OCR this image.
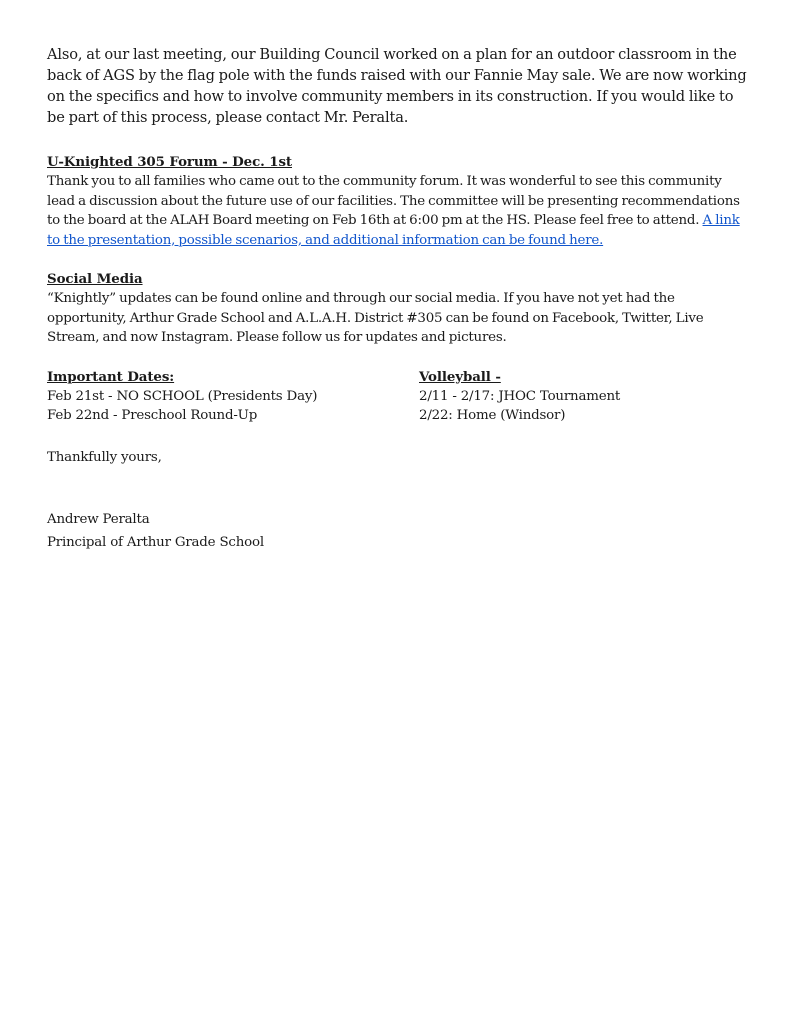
Also, at our last meeting, our Building Council worked on a plan for an outdoor classroom in the back of AGS by the flag pole with the funds raised with our Fannie May sale. We are now working on the specifics and how to involve community members in its construction. If you would like to be part of this process, please contact Mr. Peralta.

U-Knighted 305 Forum - Dec. 1st

Thank you to all families who came out to the community forum. It was wonderful to see this community lead a discussion about the future use of our facilities. The committee will be presenting recommendations to the board at the ALAH Board meeting on Feb 16th at 6:00 pm at the HS. Please feel free to attend. A link to the presentation, possible scenarios, and additional information can be found here.

Social Media

“Knightly” updates can be found online and through our social media. If you have not yet had the opportunity, Arthur Grade School and A.L.A.H. District #305 can be found on Facebook, Twitter, Live Stream, and now Instagram. Please follow us for updates and pictures.

Important Dates:

Feb 21st - NO SCHOOL (Presidents Day)

Feb 22nd - Preschool Round-Up

Volleyball -

2/11 - 2/17: JHOC Tournament

2/22: Home (Windsor)

Thankfully yours,

Andrew Peralta

Principal of Arthur Grade School
